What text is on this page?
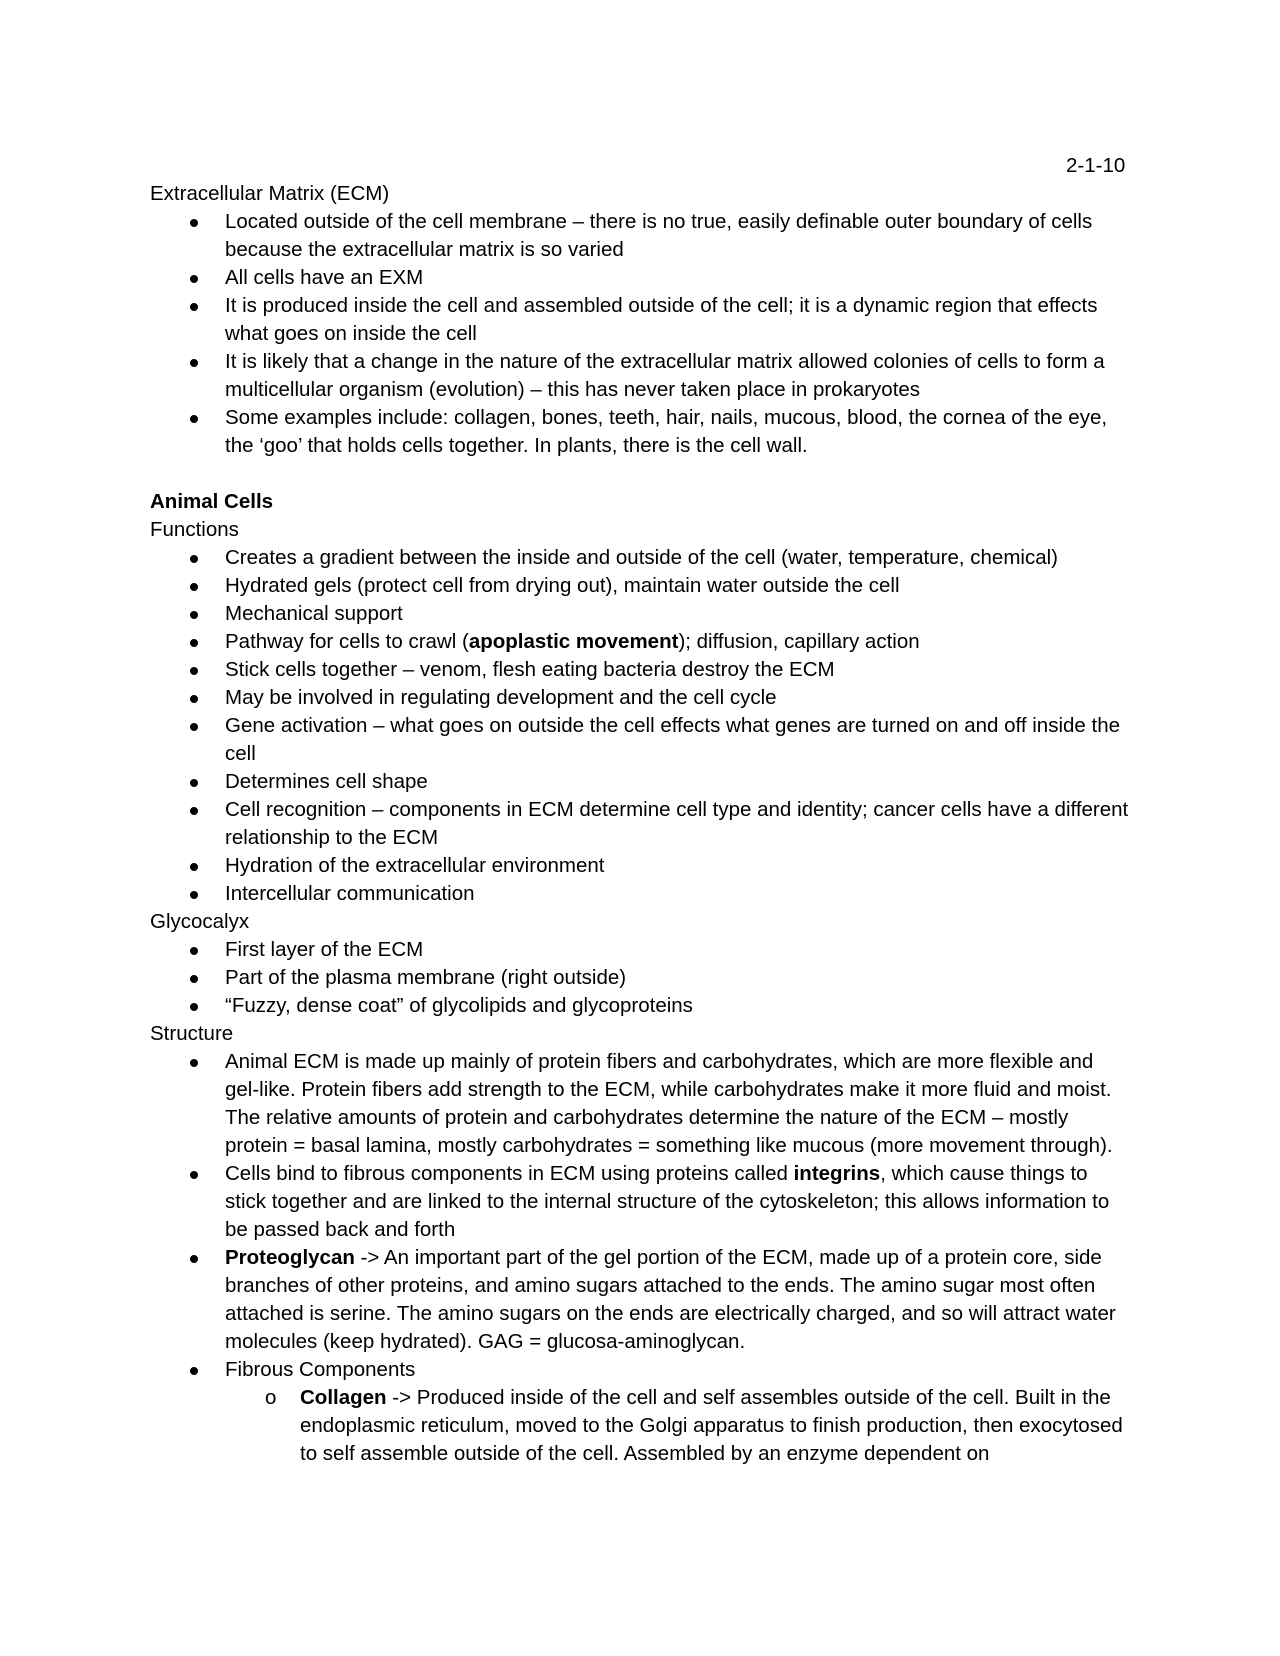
2-1-10

Extracellular Matrix (ECM)

Located outside of the cell membrane – there is no true, easily definable outer boundary of cells because the extracellular matrix is so varied
All cells have an EXM
It is produced inside the cell and assembled outside of the cell; it is a dynamic region that effects what goes on inside the cell
It is likely that a change in the nature of the extracellular matrix allowed colonies of cells to form a multicellular organism (evolution) – this has never taken place in prokaryotes
Some examples include: collagen, bones, teeth, hair, nails, mucous, blood, the cornea of the eye, the ‘goo’ that holds cells together. In plants, there is the cell wall.

Animal Cells

Functions

Creates a gradient between the inside and outside of the cell (water, temperature, chemical)
Hydrated gels (protect cell from drying out), maintain water outside the cell
Mechanical support
Pathway for cells to crawl (apoplastic movement); diffusion, capillary action
Stick cells together – venom, flesh eating bacteria destroy the ECM
May be involved in regulating development and the cell cycle
Gene activation – what goes on outside the cell effects what genes are turned on and off inside the cell
Determines cell shape
Cell recognition – components in ECM determine cell type and identity; cancer cells have a different relationship to the ECM
Hydration of the extracellular environment
Intercellular communication

Glycocalyx

First layer of the ECM
Part of the plasma membrane (right outside)
“Fuzzy, dense coat” of glycolipids and glycoproteins

Structure

Animal ECM is made up mainly of protein fibers and carbohydrates, which are more flexible and gel-like. Protein fibers add strength to the ECM, while carbohydrates make it more fluid and moist. The relative amounts of protein and carbohydrates determine the nature of the ECM – mostly protein = basal lamina, mostly carbohydrates = something like mucous (more movement through).
Cells bind to fibrous components in ECM using proteins called integrins, which cause things to stick together and are linked to the internal structure of the cytoskeleton; this allows information to be passed back and forth
Proteoglycan -> An important part of the gel portion of the ECM, made up of a protein core, side branches of other proteins, and amino sugars attached to the ends. The amino sugar most often attached is serine. The amino sugars on the ends are electrically charged, and so will attract water molecules (keep hydrated). GAG = glucosa-aminoglycan.
Fibrous Components
o Collagen -> Produced inside of the cell and self assembles outside of the cell. Built in the endoplasmic reticulum, moved to the Golgi apparatus to finish production, then exocytosed to self assemble outside of the cell. Assembled by an enzyme dependent on
